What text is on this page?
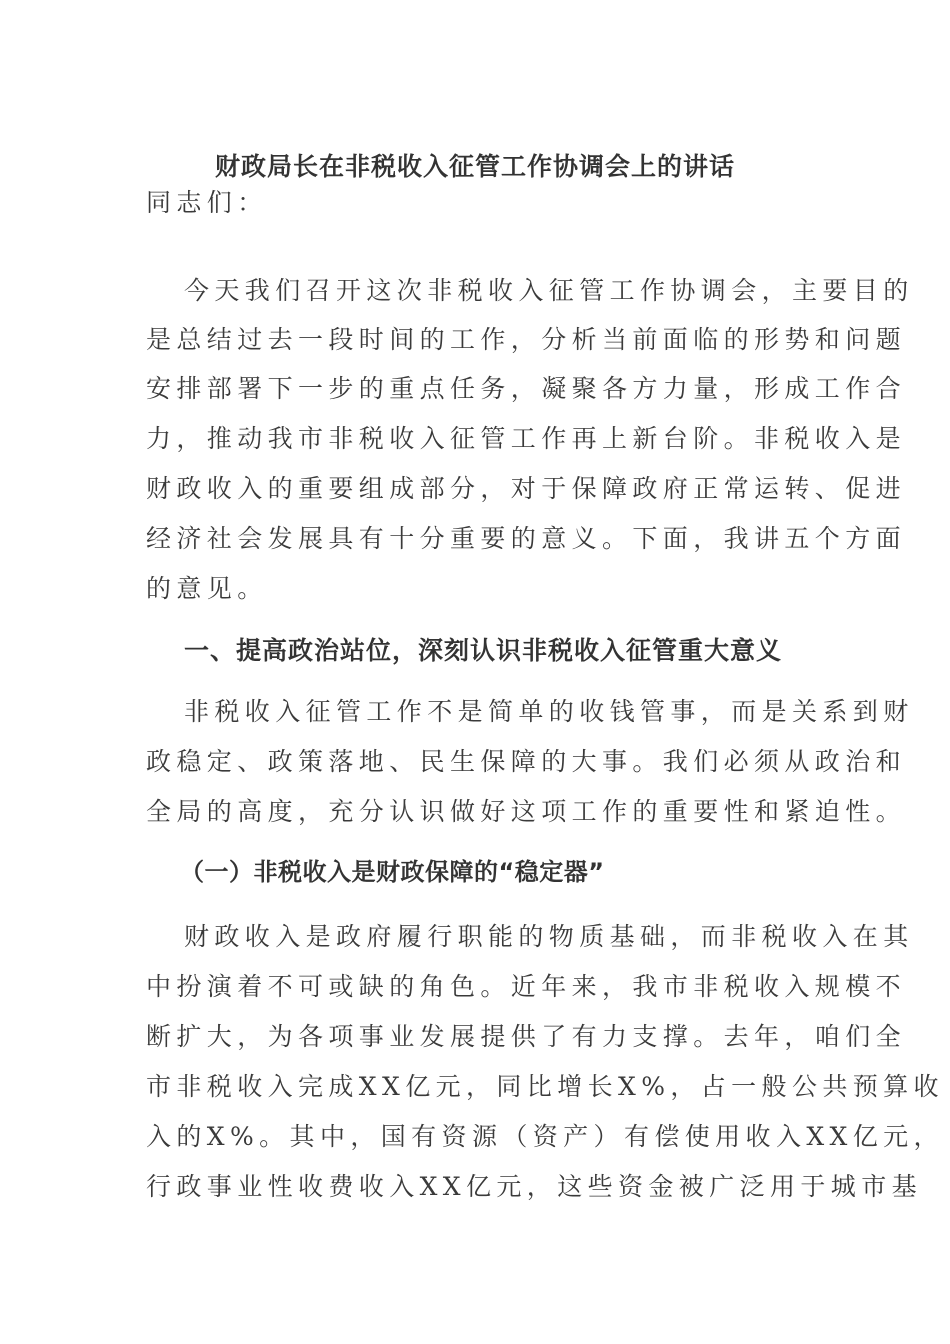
财政局长在非税收入征管工作协调会上的讲话
同志们：
今天我们召开这次非税收入征管工作协调会，主要目的
是总结过去一段时间的工作，分析当前面临的形势和问题
安排部署下一步的重点任务，凝聚各方力量，形成工作合
力，推动我市非税收入征管工作再上新台阶。非税收入是
财政收入的重要组成部分，对于保障政府正常运转、促进
经济社会发展具有十分重要的意义。下面，我讲五个方面
的意见。
一、提高政治站位，深刻认识非税收入征管重大意义
非税收入征管工作不是简单的收钱管事，而是关系到财
政稳定、政策落地、民生保障的大事。我们必须从政治和
全局的高度，充分认识做好这项工作的重要性和紧迫性。
（一）非税收入是财政保障的“稳定器”
财政收入是政府履行职能的物质基础，而非税收入在其
中扮演着不可或缺的角色。近年来，我市非税收入规模不
断扩大，为各项事业发展提供了有力支撑。去年，咱们全
市非税收入完成XX亿元，同比增长X%，占一般公共预算收
入的X%。其中，国有资源（资产）有偿使用收入XX亿元，
行政事业性收费收入XX亿元，这些资金被广泛用于城市基
